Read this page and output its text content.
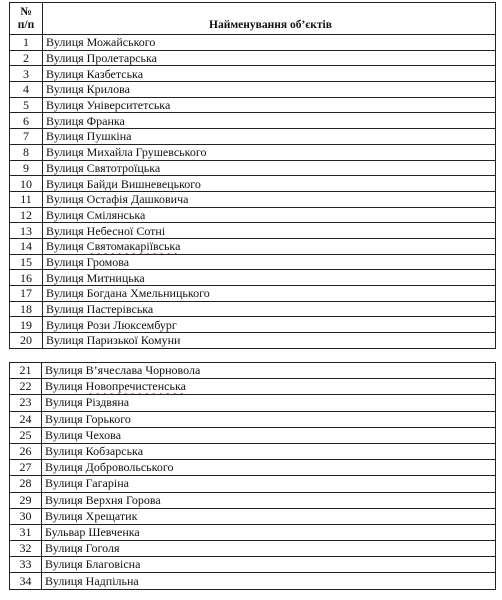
№
п/п	Найменування об’єктів
1	Вулиця Можайського
2	Вулиця Пролетарська
3	Вулиця Казбетська
4	Вулиця Крилова
5	Вулиця Університетська
6	Вулиця Франка
7	Вулиця Пушкіна
8	Вулиця Михайла Грушевського
9	Вулиця Святотроїцька
10	Вулиця Байди Вишневецького
11	Вулиця Остафія Дашковича
12	Вулиця Смілянська
13	Вулиця Небесної Сотні
14	Вулиця Святомакаріївська
15	Вулиця Громова
16	Вулиця Митницька
17	Вулиця Богдана Хмельницького
18	Вулиця Пастерівська
19	Вулиця Рози Люксембург
20	Вулиця Паризької Комуни
21	Вулиця В’ячеслава Чорновола
22	Вулиця Новопречистенська
23	Вулиця Різдвяна
24	Вулиця Горького
25	Вулиця Чехова
26	Вулиця Кобзарська
27	Вулиця Добровольського
28	Вулиця Гагаріна
29	Вулиця Верхня Горова
30	Вулиця Хрещатик
31	Бульвар Шевченка
32	Вулиця Гоголя
33	Вулиця Благовісна
34	Вулиця Надпільна
